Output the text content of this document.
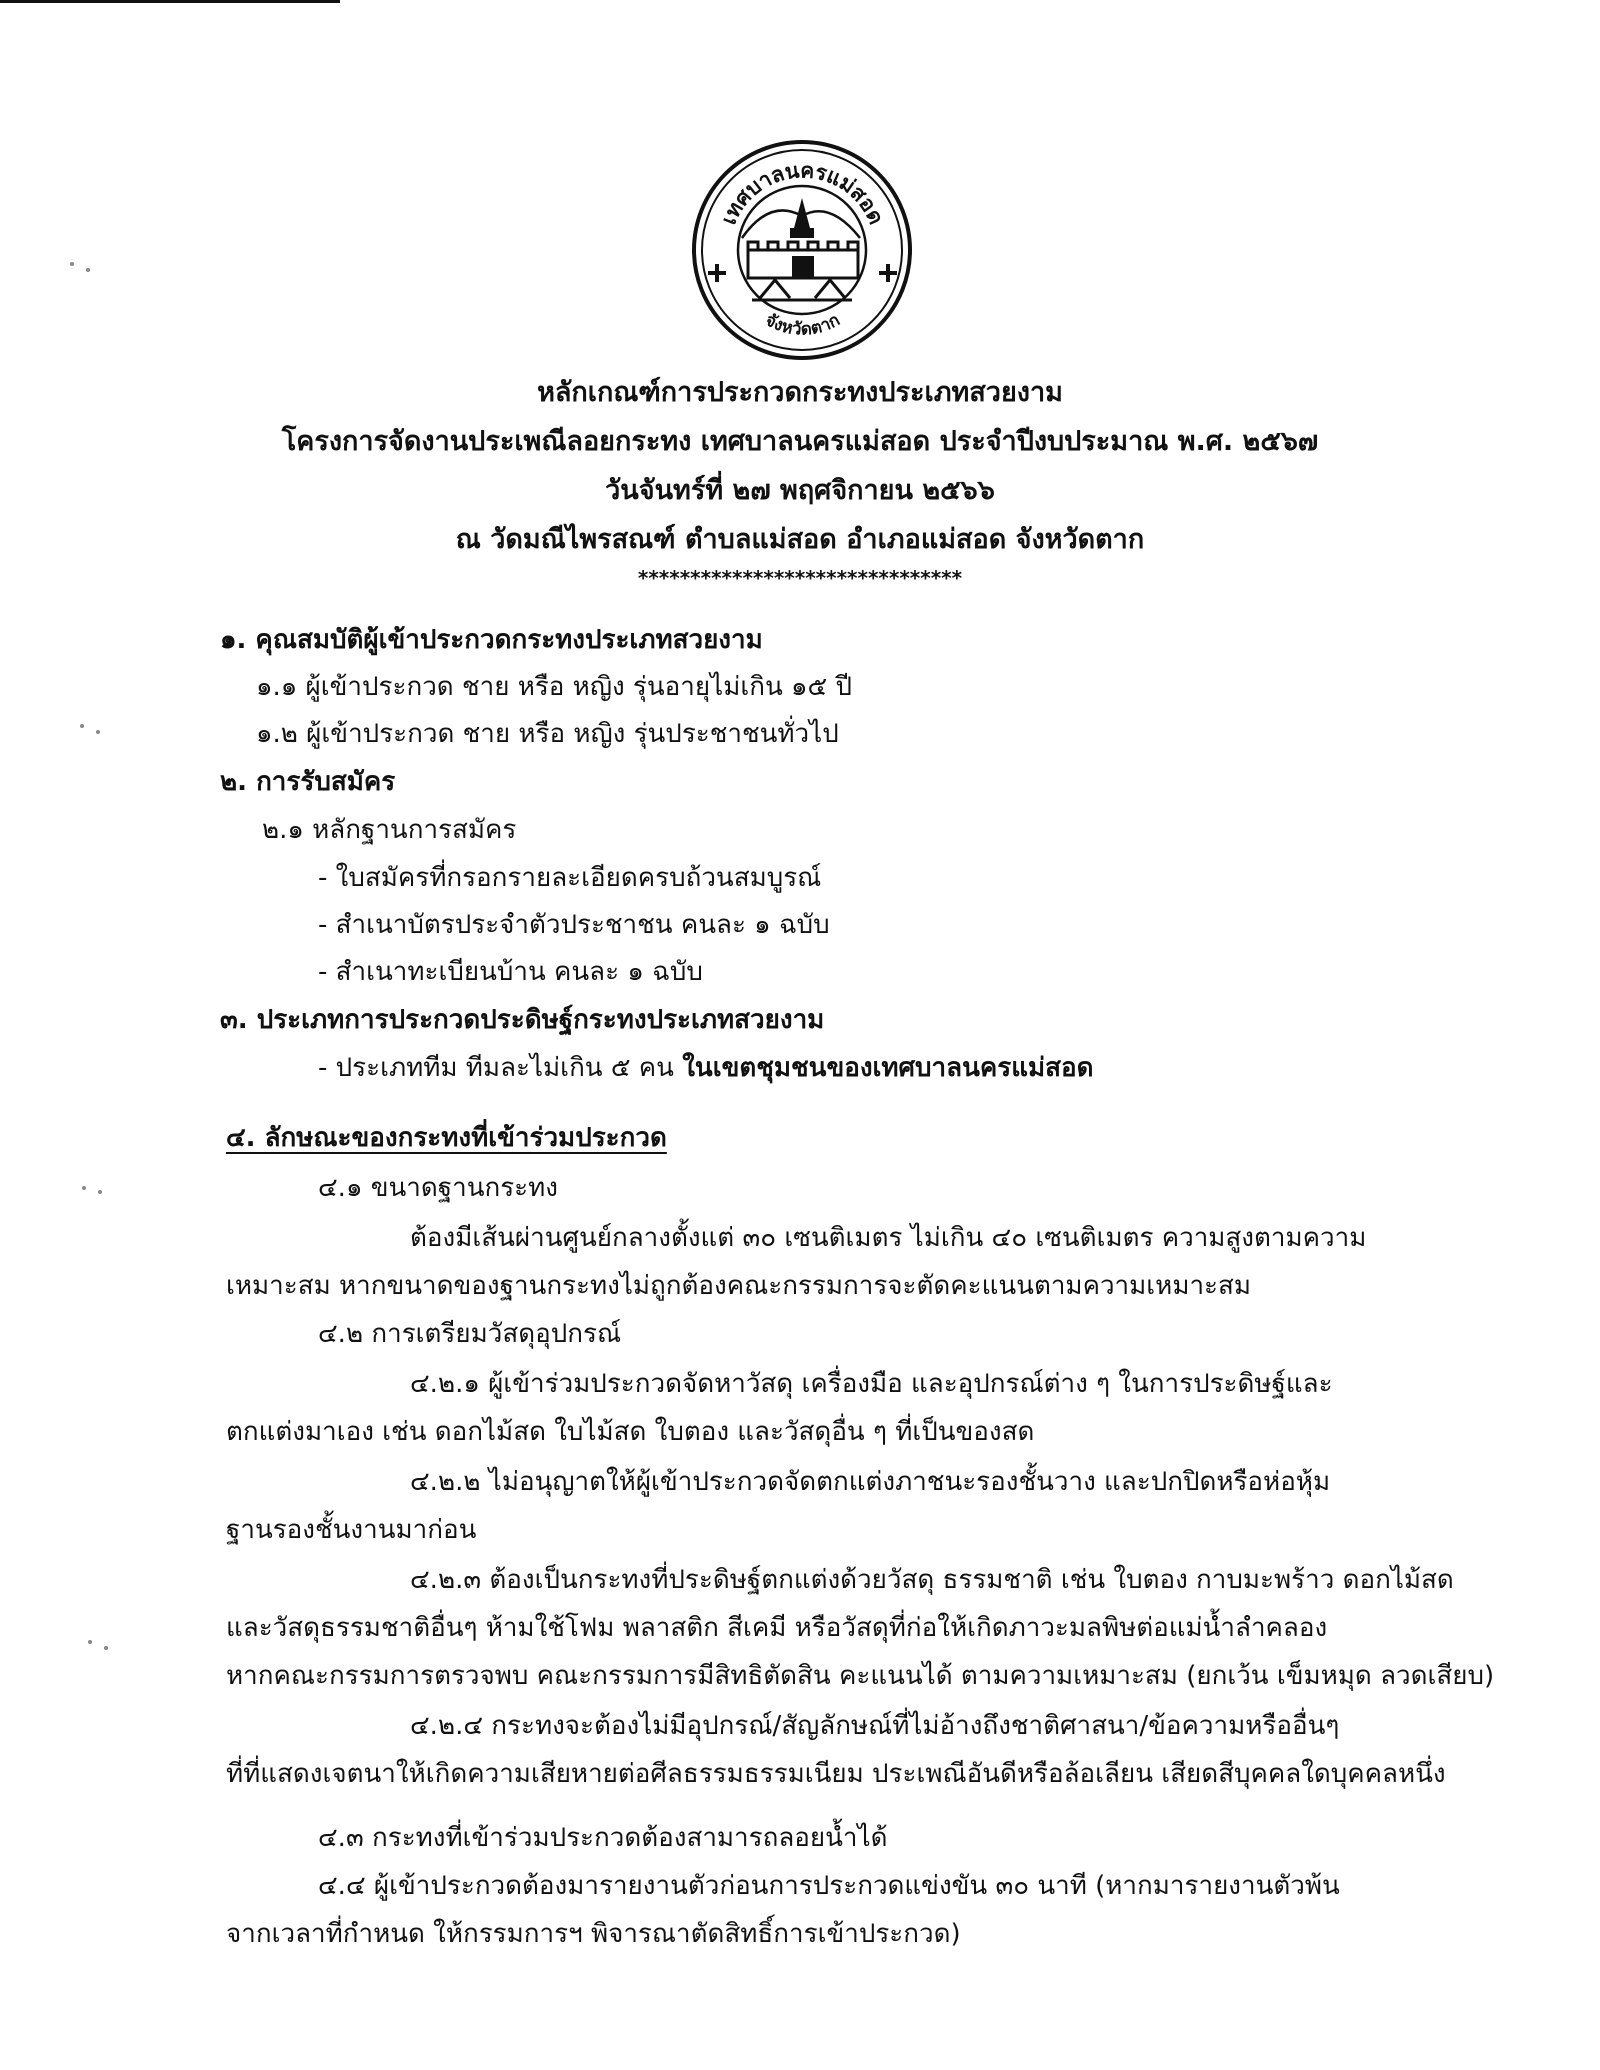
เทศบาลนครแม่สอด
จังหวัดตาก
หลักเกณฑ์การประกวดกระทงประเภทสวยงาม
โครงการจัดงานประเพณีลอยกระทง เทศบาลนครแม่สอด ประจำปีงบประมาณ พ.ศ. ๒๕๖๗
วันจันทร์ที่ ๒๗ พฤศจิกายน ๒๕๖๖
ณ วัดมณีไพรสณฑ์ ตำบลแม่สอด อำเภอแม่สอด จังหวัดตาก
*******************************
๑. คุณสมบัติผู้เข้าประกวดกระทงประเภทสวยงาม
๑.๑ ผู้เข้าประกวด ชาย หรือ หญิง รุ่นอายุไม่เกิน ๑๕ ปี
๑.๒ ผู้เข้าประกวด ชาย หรือ หญิง รุ่นประชาชนทั่วไป
๒. การรับสมัคร
๒.๑ หลักฐานการสมัคร
- ใบสมัครที่กรอกรายละเอียดครบถ้วนสมบูรณ์
- สำเนาบัตรประจำตัวประชาชน คนละ ๑ ฉบับ
- สำเนาทะเบียนบ้าน คนละ ๑ ฉบับ
๓. ประเภทการประกวดประดิษฐ์กระทงประเภทสวยงาม
- ประเภททีม ทีมละไม่เกิน ๕ คน ในเขตชุมชนของเทศบาลนครแม่สอด
๔. ลักษณะของกระทงที่เข้าร่วมประกวด
๔.๑ ขนาดฐานกระทง
ต้องมีเส้นผ่านศูนย์กลางตั้งแต่ ๓๐ เซนติเมตร ไม่เกิน ๔๐ เซนติเมตร ความสูงตามความ
เหมาะสม หากขนาดของฐานกระทงไม่ถูกต้องคณะกรรมการจะตัดคะแนนตามความเหมาะสม
๔.๒ การเตรียมวัสดุอุปกรณ์
๔.๒.๑ ผู้เข้าร่วมประกวดจัดหาวัสดุ เครื่องมือ และอุปกรณ์ต่าง ๆ ในการประดิษฐ์และ
ตกแต่งมาเอง เช่น ดอกไม้สด ใบไม้สด ใบตอง และวัสดุอื่น ๆ ที่เป็นของสด
๔.๒.๒ ไม่อนุญาตให้ผู้เข้าประกวดจัดตกแต่งภาชนะรองชั้นวาง และปกปิดหรือห่อหุ้ม
ฐานรองชั้นงานมาก่อน
๔.๒.๓ ต้องเป็นกระทงที่ประดิษฐ์ตกแต่งด้วยวัสดุ ธรรมชาติ เช่น ใบตอง กาบมะพร้าว ดอกไม้สด
และวัสดุธรรมชาติอื่นๆ ห้ามใช้โฟม พลาสติก สีเคมี หรือวัสดุที่ก่อให้เกิดภาวะมลพิษต่อแม่น้ำลำคลอง
หากคณะกรรมการตรวจพบ คณะกรรมการมีสิทธิตัดสิน คะแนนได้ ตามความเหมาะสม (ยกเว้น เข็มหมุด ลวดเสียบ)
๔.๒.๔ กระทงจะต้องไม่มีอุปกรณ์/สัญลักษณ์ที่ไม่อ้างถึงชาติศาสนา/ข้อความหรืออื่นๆ
ที่ที่แสดงเจตนาให้เกิดความเสียหายต่อศีลธรรมธรรมเนียม ประเพณีอันดีหรือล้อเลียน เสียดสีบุคคลใดบุคคลหนึ่ง
๔.๓ กระทงที่เข้าร่วมประกวดต้องสามารถลอยน้ำได้
๔.๔ ผู้เข้าประกวดต้องมารายงานตัวก่อนการประกวดแข่งขัน ๓๐ นาที (หากมารายงานตัวพ้น
จากเวลาที่กำหนด ให้กรรมการฯ พิจารณาตัดสิทธิ์การเข้าประกวด)
